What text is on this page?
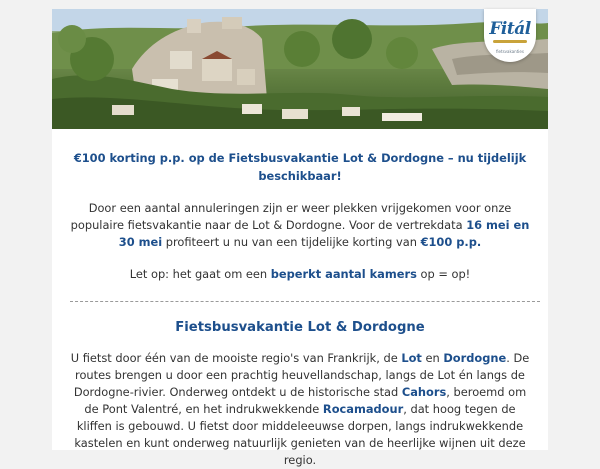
Fitál
fietsvakanties

€100 korting p.p. op de Fietsbusvakantie Lot & Dordogne – nu tijdelijk beschikbaar!

Door een aantal annuleringen zijn er weer plekken vrijgekomen voor onze populaire fietsvakantie naar de Lot & Dordogne. Voor de vertrekdata 16 mei en 30 mei profiteert u nu van een tijdelijke korting van €100 p.p.

Let op: het gaat om een beperkt aantal kamers op = op!

Fietsbusvakantie Lot & Dordogne

U fietst door één van de mooiste regio's van Frankrijk, de Lot en Dordogne. De routes brengen u door een prachtig heuvellandschap, langs de Lot én langs de Dordogne-rivier. Onderweg ontdekt u de historische stad Cahors, beroemd om de Pont Valentré, en het indrukwekkende Rocamadour, dat hoog tegen de kliffen is gebouwd. U fietst door middeleeuwse dorpen, langs indrukwekkende kastelen en kunt onderweg natuurlijk genieten van de heerlijke wijnen uit deze regio.
